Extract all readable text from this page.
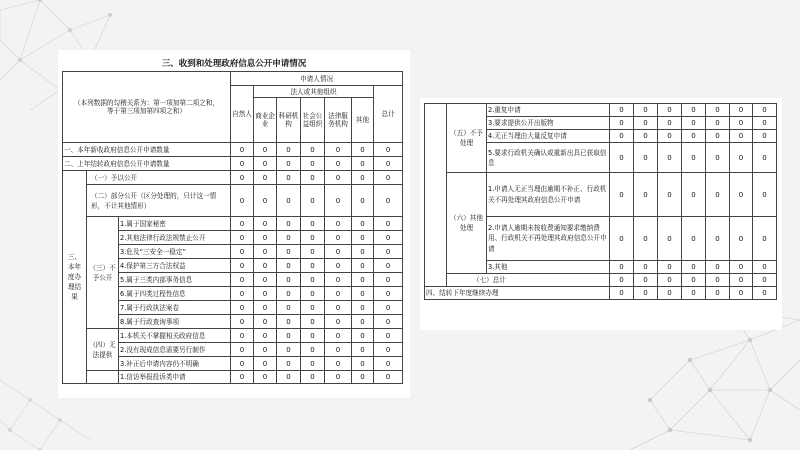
三、收到和处理政府信息公开申请情况
（本列数据的勾稽关系为：第一项加第二项之和，等于第三项加第四项之和）			申请人情况						
			自然人	法人或其他组织					总计
				商业企业	科研机构	社会公益组织	法律服务机构	其他	
一、本年新收政府信息公开申请数量			0	0	0	0	0	0	0
二、上年结转政府信息公开申请数量			0	0	0	0	0	0	0
三、本年度办理结果	（一）予以公开		0	0	0	0	0	0	0
	（二）部分公开（区分处理的，只计这一情形，不计其他情形）		0	0	0	0	0	0	0
	（三）不予公开	1.属于国家秘密	0	0	0	0	0	0	0
		2.其他法律行政法规禁止公开	0	0	0	0	0	0	0
		3.危及“三安全一稳定”	0	0	0	0	0	0	0
		4.保护第三方合法权益	0	0	0	0	0	0	0
		5.属于三类内部事务信息	0	0	0	0	0	0	0
		6.属于四类过程性信息	0	0	0	0	0	0	0
		7.属于行政执法案卷	0	0	0	0	0	0	0
		8.属于行政查询事项	0	0	0	0	0	0	0
	（四）无法提供	1.本机关不掌握相关政府信息	0	0	0	0	0	0	0
		2.没有现成信息需要另行制作	0	0	0	0	0	0	0
		3.补正后申请内容仍不明确	0	0	0	0	0	0	0
		1.信访举报投诉类申请	0	0	0	0	0	0	0
	（五）不予处理	2.重复申请	0	0	0	0	0	0	0
		3.要求提供公开出版物	0	0	0	0	0	0	0
		4.无正当理由大量反复申请	0	0	0	0	0	0	0
		5.要求行政机关确认或重新出具已获取信息	0	0	0	0	0	0	0
	（六）其他处理	1.申请人无正当理由逾期不补正、行政机关不再处理其政府信息公开申请	0	0	0	0	0	0	0
		2.申请人逾期未按收费通知要求缴纳费用、行政机关不再处理其政府信息公开申请	0	0	0	0	0	0	0
		3.其他	0	0	0	0	0	0	0
	（七）总计		0	0	0	0	0	0	0
四、结转下年度继续办理			0	0	0	0	0	0	0
